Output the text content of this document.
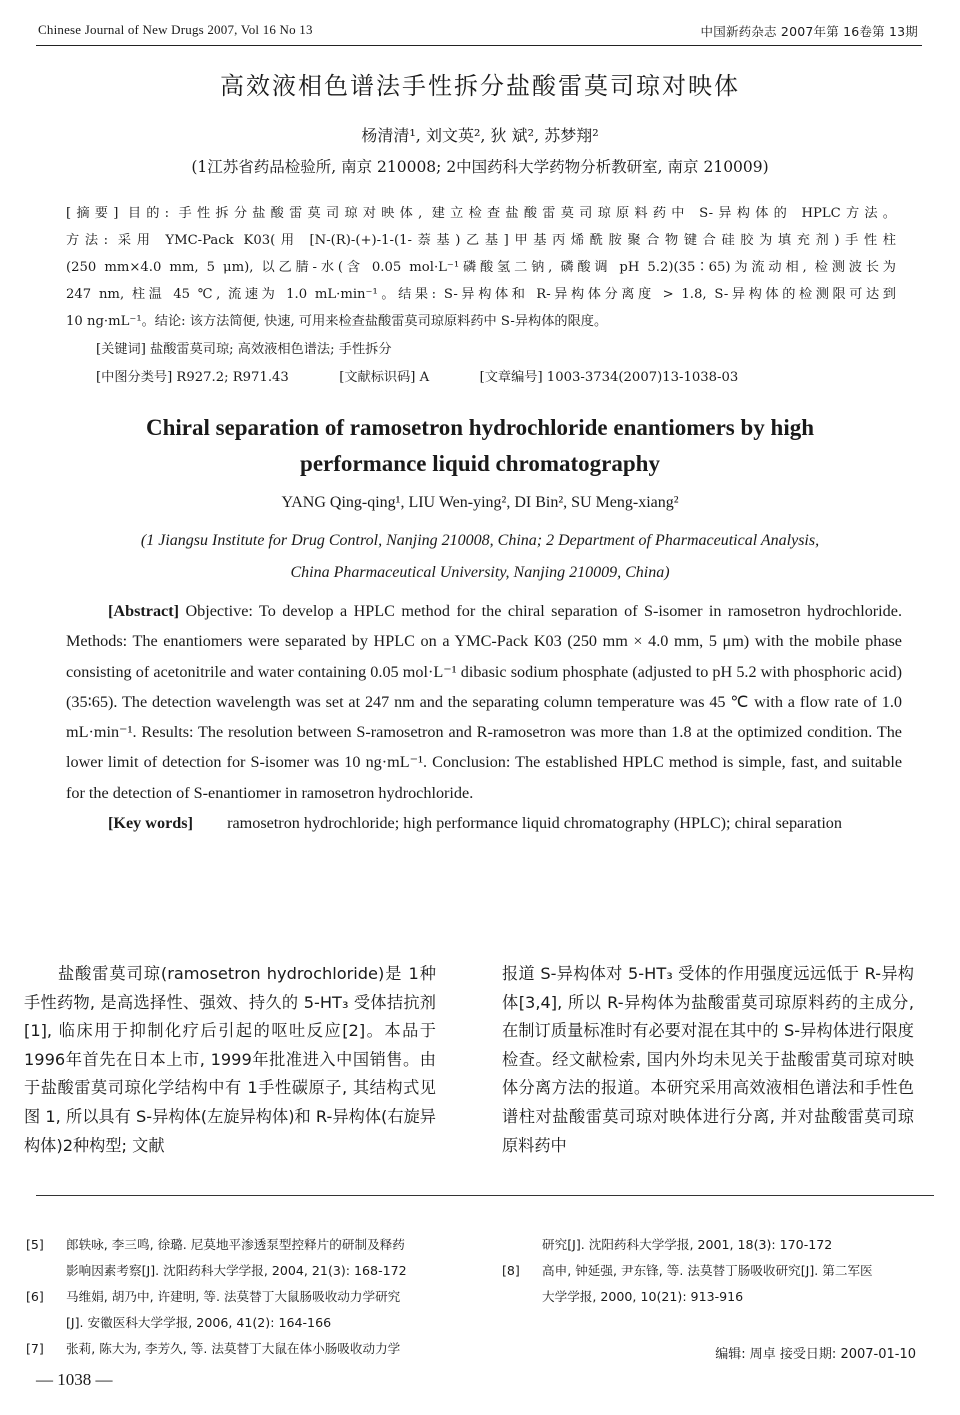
Chinese Journal of New Drugs 2007, Vol 16 No 13	中国新药杂志 2007年第 16卷第 13期
高效液相色谱法手性拆分盐酸雷莫司琼对映体
杨清清¹, 刘文英², 狄 斌², 苏梦翔²
(1江苏省药品检验所, 南京 210008; 2中国药科大学药物分析教研室, 南京 210009)

[摘要] 目的: 手性拆分盐酸雷莫司琼对映体, 建立检查盐酸雷莫司琼原料药中 S-异构体的 HPLC方法。

方法: 采用 YMC-Pack K03(用 [N-(R)-(+)-1-(1-萘基)乙基]甲基丙烯酰胺聚合物键合硅胶为填充剂)手性柱

(250 mm×4.0 mm, 5 μm), 以乙腈-水(含 0.05 mol·L⁻¹磷酸氢二钠, 磷酸调 pH 5.2)(35∶65)为流动相, 检测波长为

247 nm, 柱温 45 ℃, 流速为 1.0 mL·min⁻¹。结果: S-异构体和 R-异构体分离度 > 1.8, S-异构体的检测限可达到

10 ng·mL⁻¹。结论: 该方法简便, 快速, 可用来检查盐酸雷莫司琼原料药中 S-异构体的限度。

[关键词] 盐酸雷莫司琼; 高效液相色谱法; 手性拆分
[中图分类号] R927.2; R971.43	[文献标识码] A	[文章编号] 1003-3734(2007)13-1038-03
Chiral separation of ramosetron hydrochloride enantiomers by high
performance liquid chromatography
YANG Qing-qing¹, LIU Wen-ying², DI Bin², SU Meng-xiang²
(1 Jiangsu Institute for Drug Control, Nanjing 210008, China; 2 Department of Pharmaceutical Analysis,
China Pharmaceutical University, Nanjing 210009, China)

[Abstract] Objective: To develop a HPLC method for the chiral separation of S-isomer in ramosetron hydrochloride. Methods: The enantiomers were separated by HPLC on a YMC-Pack K03 (250 mm × 4.0 mm, 5 μm) with the mobile phase consisting of acetonitrile and water containing 0.05 mol·L⁻¹ dibasic sodium phosphate (adjusted to pH 5.2 with phosphoric acid) (35∶65). The detection wavelength was set at 247 nm and the separating column temperature was 45 ℃ with a flow rate of 1.0 mL·min⁻¹. Results: The resolution between S-ramosetron and R-ramosetron was more than 1.8 at the optimized condition. The lower limit of detection for S-isomer was 10 ng·mL⁻¹. Conclusion: The established HPLC method is simple, fast, and suitable for the detection of S-enantiomer in ramosetron hydrochloride.

[Key words] ramosetron hydrochloride; high performance liquid chromatography (HPLC); chiral separation

盐酸雷莫司琼(ramosetron hydrochloride)是 1种手性药物, 是高选择性、强效、持久的 5-HT₃ 受体拮抗剂[1], 临床用于抑制化疗后引起的呕吐反应[2]。本品于 1996年首先在日本上市, 1999年批准进入中国销售。由于盐酸雷莫司琼化学结构中有 1手性碳原子, 其结构式见图 1, 所以具有 S-异构体(左旋异构体)和 R-异构体(右旋异构体)2种构型; 文献

报道 S-异构体对 5-HT₃ 受体的作用强度远远低于 R-异构体[3,4], 所以 R-异构体为盐酸雷莫司琼原料药的主成分, 在制订质量标准时有必要对混在其中的 S-异构体进行限度检查。经文献检索, 国内外均未见关于盐酸雷莫司琼对映体分离方法的报道。本研究采用高效液相色谱法和手性色谱柱对盐酸雷莫司琼对映体进行分离, 并对盐酸雷莫司琼原料药中

[5] 郎轶咏, 李三鸣, 徐璐. 尼莫地平渗透泵型控释片的研制及释药
影响因素考察[J]. 沈阳药科大学学报, 2004, 21(3): 168-172
[6] 马维娟, 胡乃中, 许建明, 等. 法莫替丁大鼠肠吸收动力学研究
[J]. 安徽医科大学学报, 2006, 41(2): 164-166
[7] 张莉, 陈大为, 李芳久, 等. 法莫替丁大鼠在体小肠吸收动力学
研究[J]. 沈阳药科大学学报, 2001, 18(3): 170-172
[8] 高申, 钟延强, 尹东锋, 等. 法莫替丁肠吸收研究[J]. 第二军医
大学学报, 2000, 10(21): 913-916
编辑: 周卓 接受日期: 2007-01-10
— 1038 —
